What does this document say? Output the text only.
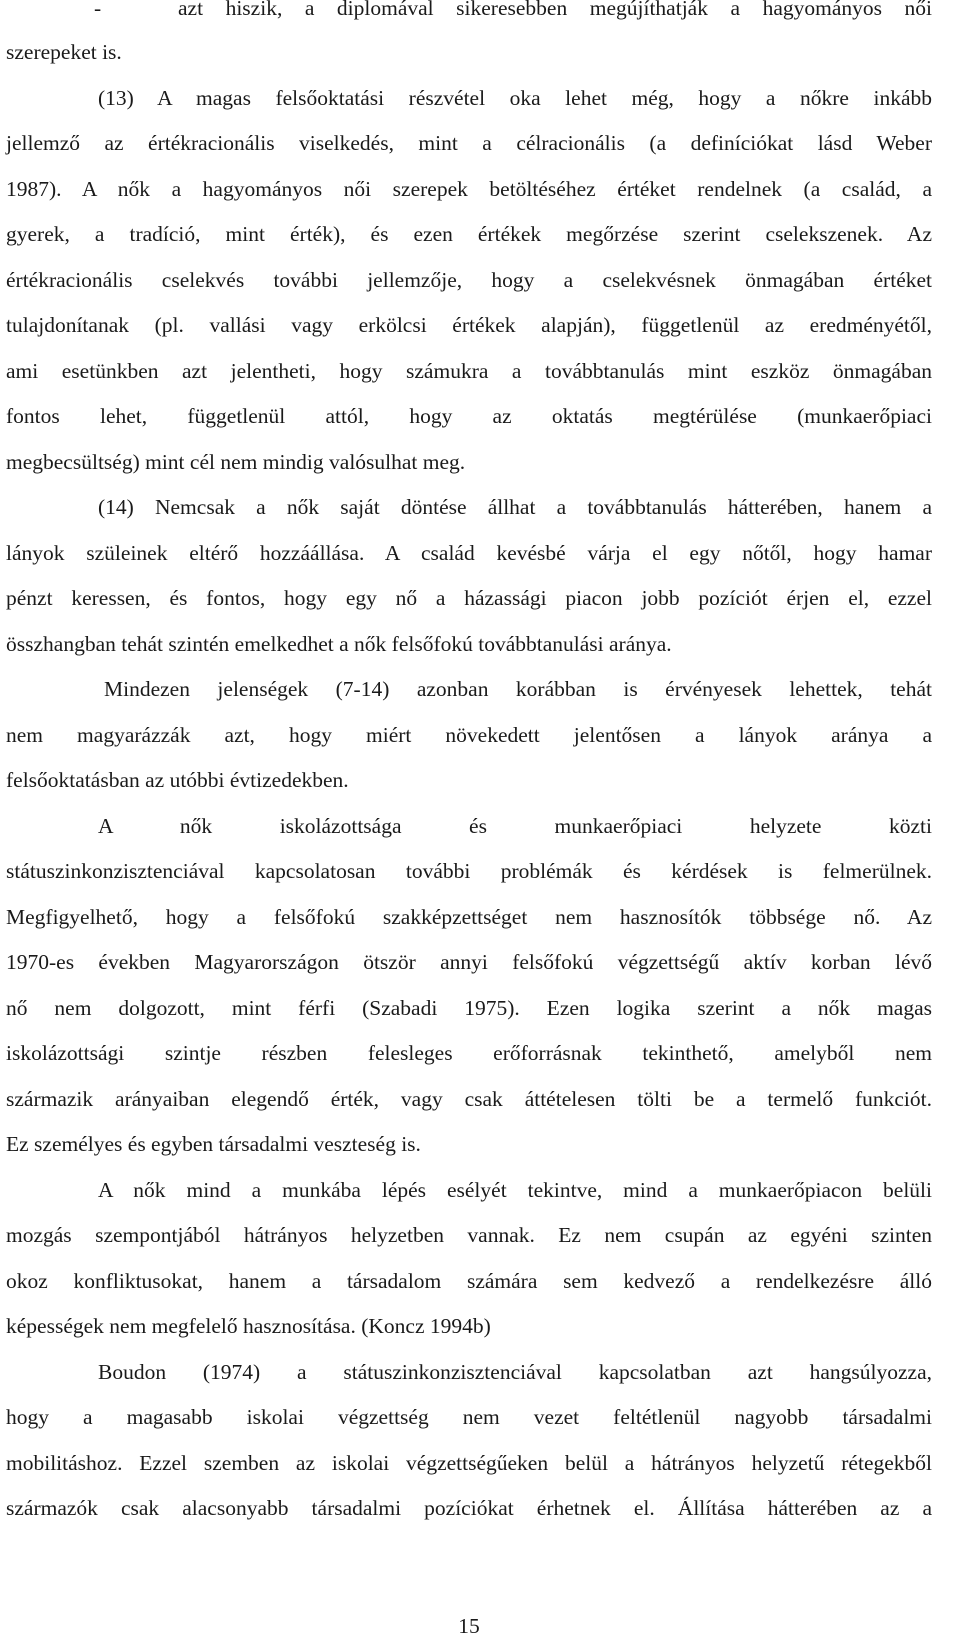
-	azt hiszik, a diplomával sikeresebben megújíthatják a hagyományos női
szerepeket is.
(13) A magas felsőoktatási részvétel oka lehet még, hogy a nőkre inkább
jellemző az értékracionális viselkedés, mint a célracionális (a definíciókat lásd Weber
1987). A nők a hagyományos női szerepek betöltéséhez értéket rendelnek (a család, a
gyerek, a tradíció, mint érték), és ezen értékek megőrzése szerint cselekszenek. Az
értékracionális cselekvés további jellemzője, hogy a cselekvésnek önmagában értéket
tulajdonítanak (pl. vallási vagy erkölcsi értékek alapján), függetlenül az eredményétől,
ami esetünkben azt jelentheti, hogy számukra a továbbtanulás mint eszköz önmagában
fontos lehet, függetlenül attól, hogy az oktatás megtérülése (munkaerőpiaci
megbecsültség) mint cél nem mindig valósulhat meg.
(14) Nemcsak a nők saját döntése állhat a továbbtanulás hátterében, hanem a
lányok szüleinek eltérő hozzáállása. A család kevésbé várja el egy nőtől, hogy hamar
pénzt keressen, és fontos, hogy egy nő a házassági piacon jobb pozíciót érjen el, ezzel
összhangban tehát szintén emelkedhet a nők felsőfokú továbbtanulási aránya.
Mindezen jelenségek (7-14) azonban korábban is érvényesek lehettek, tehát
nem magyarázzák azt, hogy miért növekedett jelentősen a lányok aránya a
felsőoktatásban az utóbbi évtizedekben.
A nők iskolázottsága és munkaerőpiaci helyzete közti
státuszinkonzisztenciával kapcsolatosan további problémák és kérdések is felmerülnek.
Megfigyelhető, hogy a felsőfokú szakképzettséget nem hasznosítók többsége nő. Az
1970-es években Magyarországon ötször annyi felsőfokú végzettségű aktív korban lévő
nő nem dolgozott, mint férfi (Szabadi 1975). Ezen logika szerint a nők magas
iskolázottsági szintje részben felesleges erőforrásnak tekinthető, amelyből nem
származik arányaiban elegendő érték, vagy csak áttételesen tölti be a termelő funkciót.
Ez személyes és egyben társadalmi veszteség is.
A nők mind a munkába lépés esélyét tekintve, mind a munkaerőpiacon belüli
mozgás szempontjából hátrányos helyzetben vannak. Ez nem csupán az egyéni szinten
okoz konfliktusokat, hanem a társadalom számára sem kedvező a rendelkezésre álló
képességek nem megfelelő hasznosítása. (Koncz 1994b)
Boudon (1974) a státuszinkonzisztenciával kapcsolatban azt hangsúlyozza,
hogy a magasabb iskolai végzettség nem vezet feltétlenül nagyobb társadalmi
mobilitáshoz. Ezzel szemben az iskolai végzettségűeken belül a hátrányos helyzetű rétegekből
származók csak alacsonyabb társadalmi pozíciókat érhetnek el. Állítása hátterében az a
15
